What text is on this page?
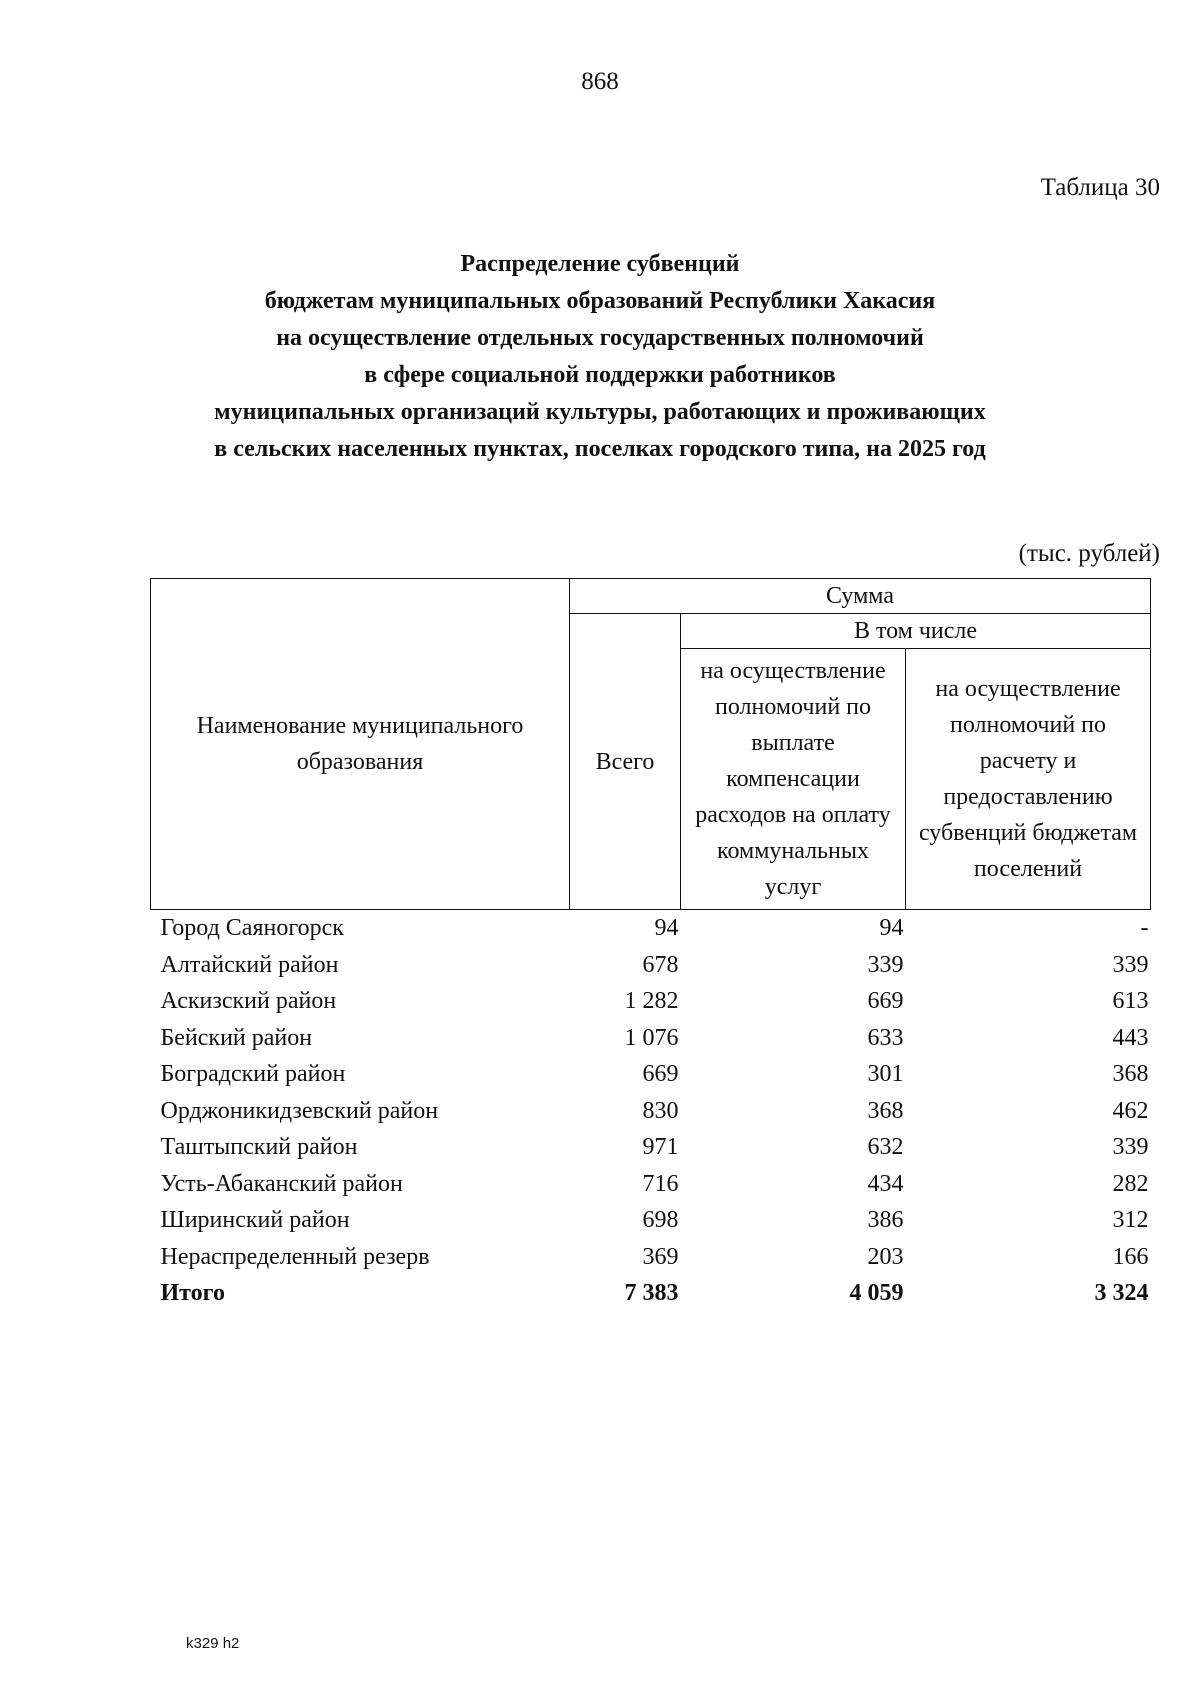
868
Таблица 30
Распределение субвенций
бюджетам муниципальных образований Республики Хакасия
на осуществление отдельных государственных полномочий
в сфере социальной поддержки работников
муниципальных организаций культуры, работающих и проживающих
в сельских населенных пунктах, поселках городского типа, на 2025 год
(тыс. рублей)
Наименование муниципального образования	Сумма		
	Всего	В том числе	
		на осуществление полномочий по выплате компенсации расходов на оплату коммунальных услуг	на осуществление полномочий по расчету и предоставлению субвенций бюджетам поселений
Город Саяногорск	94	94	-
Алтайский район	678	339	339
Аскизский район	1 282	669	613
Бейский район	1 076	633	443
Боградский район	669	301	368
Орджоникидзевский район	830	368	462
Таштыпский район	971	632	339
Усть-Абаканский район	716	434	282
Ширинский район	698	386	312
Нераспределенный резерв	369	203	166
Итого	7 383	4 059	3 324
k329 h2
